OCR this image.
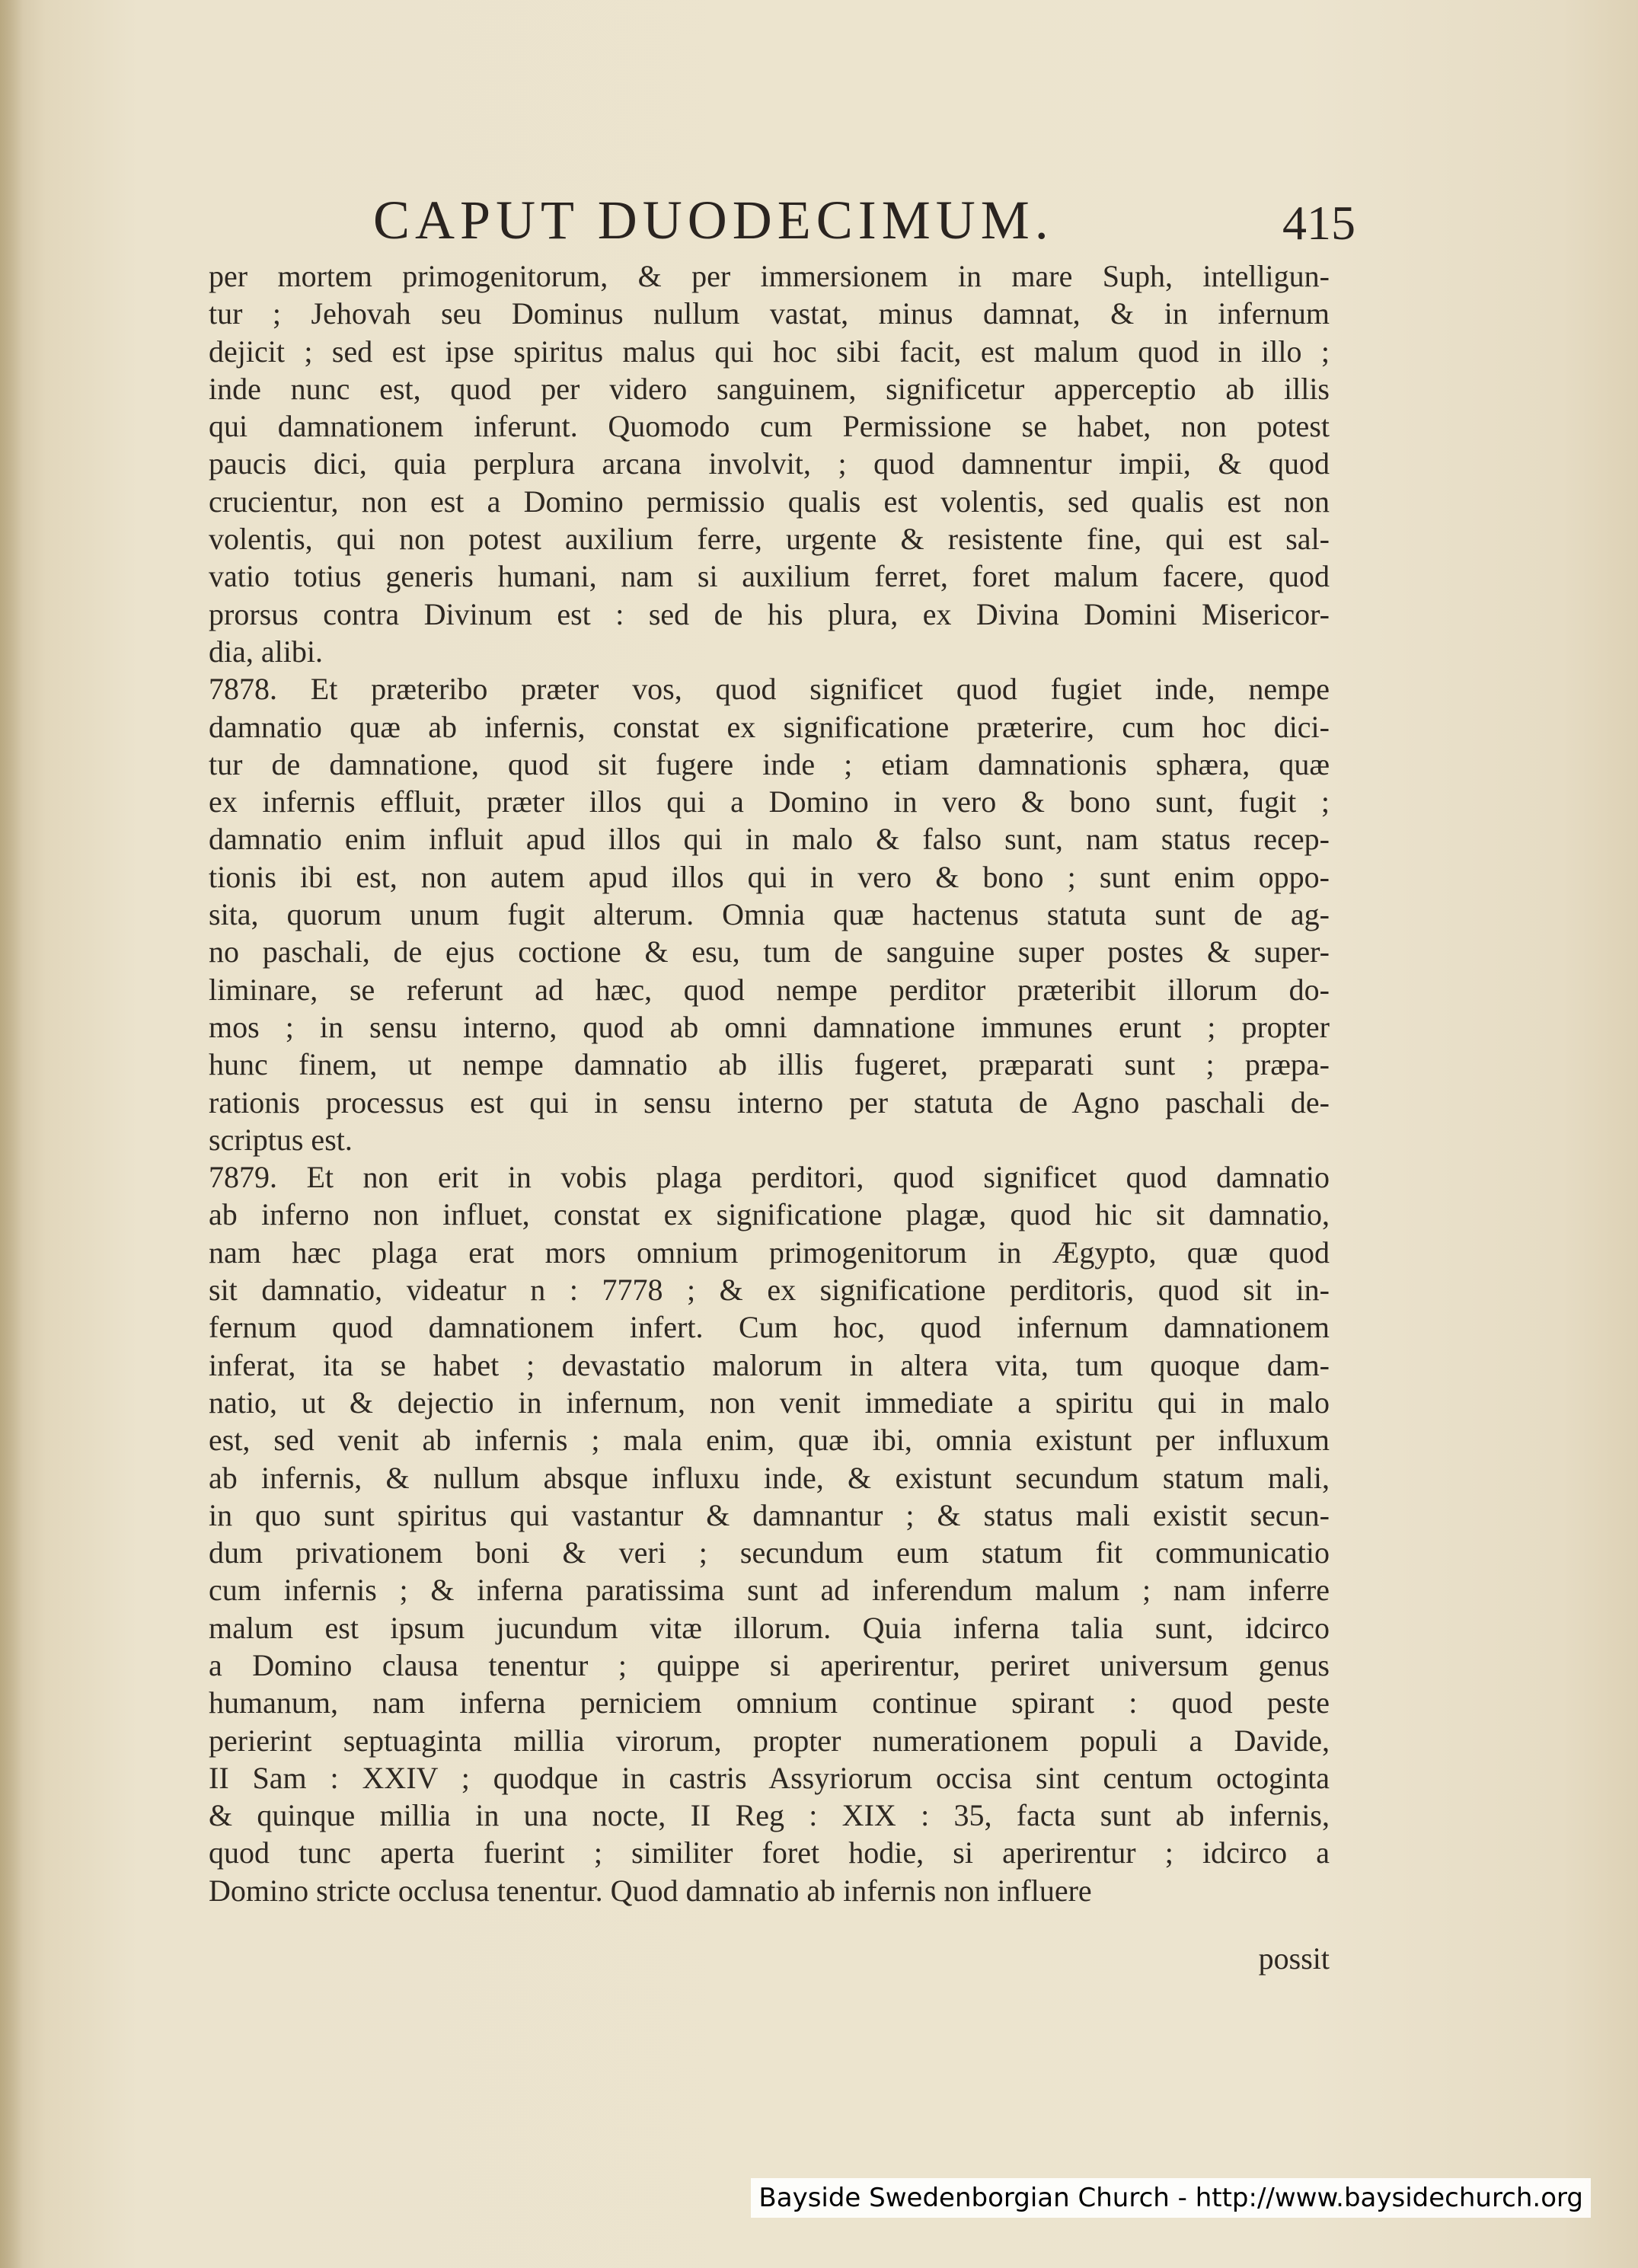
CAPUT DUODECIMUM.	415
per mortem primogenitorum, & per immersionem in mare Suph, intelligun-
tur ; Jehovah seu Dominus nullum vastat, minus damnat, & in infernum
dejicit ; sed est ipse spiritus malus qui hoc sibi facit, est malum quod in illo ;
inde nunc est, quod per videro sanguinem, significetur apperceptio ab illis
qui damnationem inferunt. Quomodo cum Permissione se habet, non potest
paucis dici, quia perplura arcana involvit, ; quod damnentur impii, & quod
crucientur, non est a Domino permissio qualis est volentis, sed qualis est non
volentis, qui non potest auxilium ferre, urgente & resistente fine, qui est sal-
vatio totius generis humani, nam si auxilium ferret, foret malum facere, quod
prorsus contra Divinum est : sed de his plura, ex Divina Domini Misericor-
dia, alibi.
7878. Et præteribo præter vos, quod significet quod fugiet inde, nempe
damnatio quæ ab infernis, constat ex significatione præterire, cum hoc dici-
tur de damnatione, quod sit fugere inde ; etiam damnationis sphæra, quæ
ex infernis effluit, præter illos qui a Domino in vero & bono sunt, fugit ;
damnatio enim influit apud illos qui in malo & falso sunt, nam status recep-
tionis ibi est, non autem apud illos qui in vero & bono ; sunt enim oppo-
sita, quorum unum fugit alterum. Omnia quæ hactenus statuta sunt de ag-
no paschali, de ejus coctione & esu, tum de sanguine super postes & super-
liminare, se referunt ad hæc, quod nempe perditor præteribit illorum do-
mos ; in sensu interno, quod ab omni damnatione immunes erunt ; propter
hunc finem, ut nempe damnatio ab illis fugeret, præparati sunt ; præpa-
rationis processus est qui in sensu interno per statuta de Agno paschali de-
scriptus est.
7879. Et non erit in vobis plaga perditori, quod significet quod damnatio
ab inferno non influet, constat ex significatione plagæ, quod hic sit damnatio,
nam hæc plaga erat mors omnium primogenitorum in Ægypto, quæ quod
sit damnatio, videatur n : 7778 ; & ex significatione perditoris, quod sit in-
fernum quod damnationem infert. Cum hoc, quod infernum damnationem
inferat, ita se habet ; devastatio malorum in altera vita, tum quoque dam-
natio, ut & dejectio in infernum, non venit immediate a spiritu qui in malo
est, sed venit ab infernis ; mala enim, quæ ibi, omnia existunt per influxum
ab infernis, & nullum absque influxu inde, & existunt secundum statum mali,
in quo sunt spiritus qui vastantur & damnantur ; & status mali existit secun-
dum privationem boni & veri ; secundum eum statum fit communicatio
cum infernis ; & inferna paratissima sunt ad inferendum malum ; nam inferre
malum est ipsum jucundum vitæ illorum. Quia inferna talia sunt, idcirco
a Domino clausa tenentur ; quippe si aperirentur, periret universum genus
humanum, nam inferna perniciem omnium continue spirant : quod peste
perierint septuaginta millia virorum, propter numerationem populi a Davide,
II Sam : XXIV ; quodque in castris Assyriorum occisa sint centum octoginta
& quinque millia in una nocte, II Reg : XIX : 35, facta sunt ab infernis,
quod tunc aperta fuerint ; similiter foret hodie, si aperirentur ; idcirco a
Domino stricte occlusa tenentur. Quod damnatio ab infernis non influere
possit
Bayside Swedenborgian Church - http://www.baysidechurch.org
